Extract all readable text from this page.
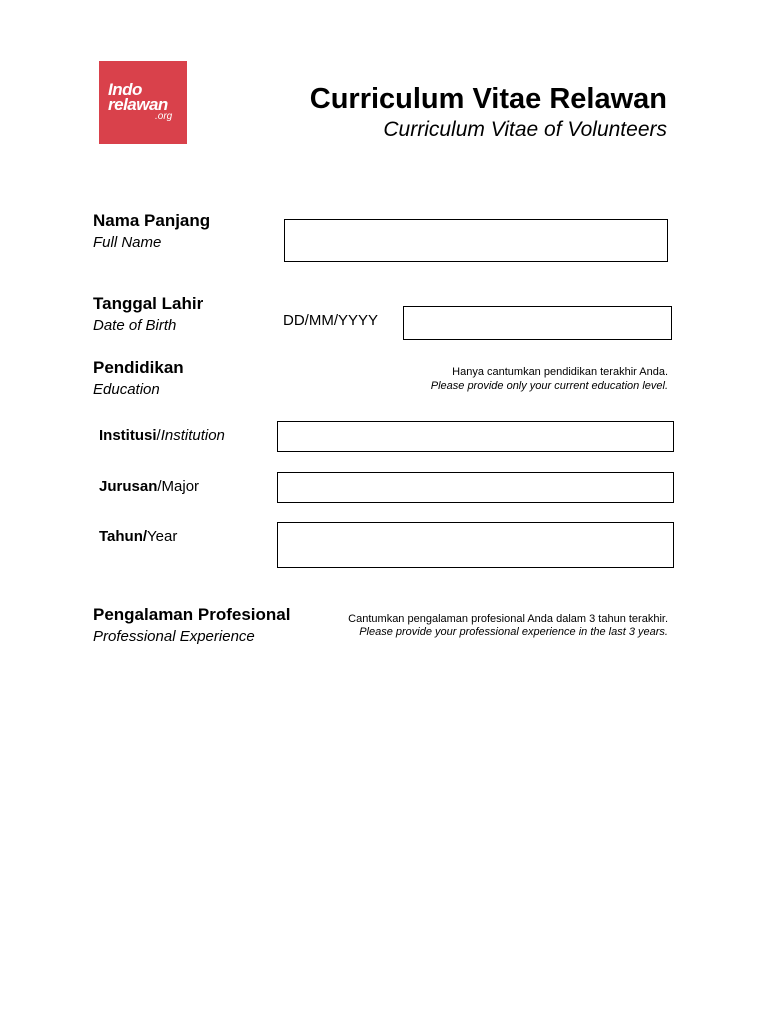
Indo
relawan
.org
Curriculum Vitae Relawan
Curriculum Vitae of Volunteers
Nama Panjang
Full Name
Tanggal Lahir
Date of Birth	DD/MM/YYYY
Pendidikan
Education
Hanya cantumkan pendidikan terakhir Anda.
Please provide only your current education level.
Institusi/Institution
Jurusan/Major
Tahun/Year
Pengalaman Profesional
Professional Experience
Cantumkan pengalaman profesional Anda dalam 3 tahun terakhir.
Please provide your professional experience in the last 3 years.
